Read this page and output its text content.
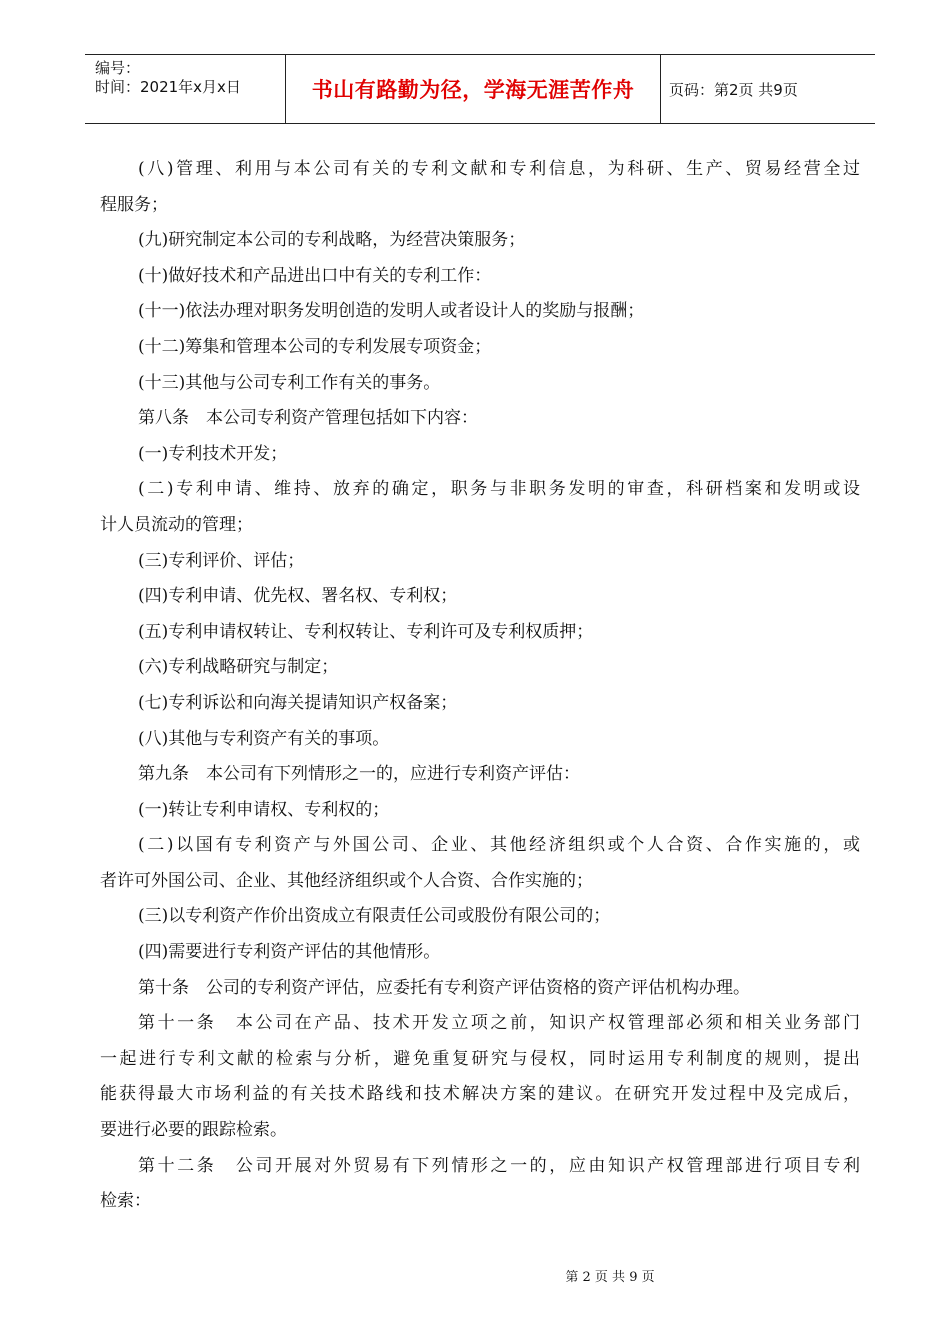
编号：
时间：2021年x月x日	书山有路勤为径，学海无涯苦作舟	页码：第2页 共9页
(八)管理、利用与本公司有关的专利文献和专利信息，为科研、生产、贸易经营全过
程服务；
(九)研究制定本公司的专利战略，为经营决策服务；
(十)做好技术和产品进出口中有关的专利工作：
(十一)依法办理对职务发明创造的发明人或者设计人的奖励与报酬；
(十二)筹集和管理本公司的专利发展专项资金；
(十三)其他与公司专利工作有关的事务。
第八条　本公司专利资产管理包括如下内容：
(一)专利技术开发；
(二)专利申请、维持、放弃的确定，职务与非职务发明的审查，科研档案和发明或设
计人员流动的管理；
(三)专利评价、评估；
(四)专利申请、优先权、署名权、专利权；
(五)专利申请权转让、专利权转让、专利许可及专利权质押；
(六)专利战略研究与制定；
(七)专利诉讼和向海关提请知识产权备案；
(八)其他与专利资产有关的事项。
第九条　本公司有下列情形之一的，应进行专利资产评估：
(一)转让专利申请权、专利权的；
(二)以国有专利资产与外国公司、企业、其他经济组织或个人合资、合作实施的，或
者许可外国公司、企业、其他经济组织或个人合资、合作实施的；
(三)以专利资产作价出资成立有限责任公司或股份有限公司的；
(四)需要进行专利资产评估的其他情形。
第十条　公司的专利资产评估，应委托有专利资产评估资格的资产评估机构办理。
第十一条　本公司在产品、技术开发立项之前，知识产权管理部必须和相关业务部门
一起进行专利文献的检索与分析，避免重复研究与侵权，同时运用专利制度的规则，提出
能获得最大市场利益的有关技术路线和技术解决方案的建议。在研究开发过程中及完成后，
要进行必要的跟踪检索。
第十二条　公司开展对外贸易有下列情形之一的，应由知识产权管理部进行项目专利
检索：
第 2 页 共 9 页
